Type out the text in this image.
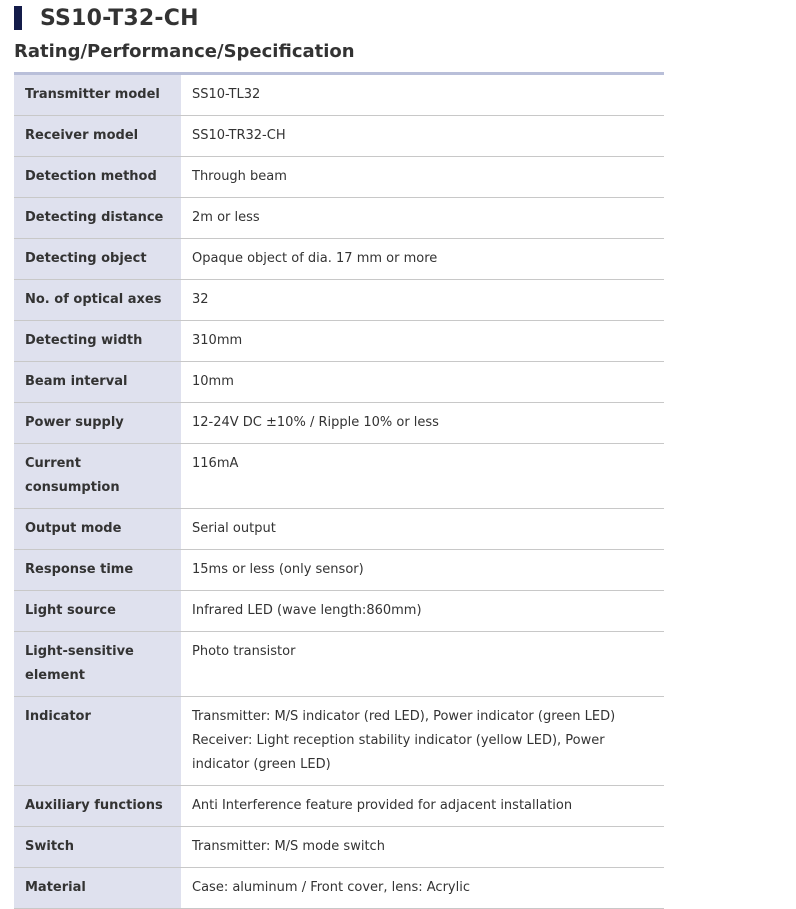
SS10-T32-CH
Rating/Performance/Specification
Transmitter model	SS10-TL32
Receiver model	SS10-TR32-CH
Detection method	Through beam
Detecting distance	2m or less
Detecting object	Opaque object of dia. 17 mm or more
No. of optical axes	32
Detecting width	310mm
Beam interval	10mm
Power supply	12-24V DC ±10% / Ripple 10% or less
Current consumption	116mA
Output mode	Serial output
Response time	15ms or less (only sensor)
Light source	Infrared LED (wave length:860mm)
Light-sensitive element	Photo transistor
Indicator	Transmitter: M/S indicator (red LED), Power indicator (green LED)
Receiver: Light reception stability indicator (yellow LED), Power indicator (green LED)
Auxiliary functions	Anti Interference feature provided for adjacent installation
Switch	Transmitter: M/S mode switch
Material	Case: aluminum / Front cover, lens: Acrylic
